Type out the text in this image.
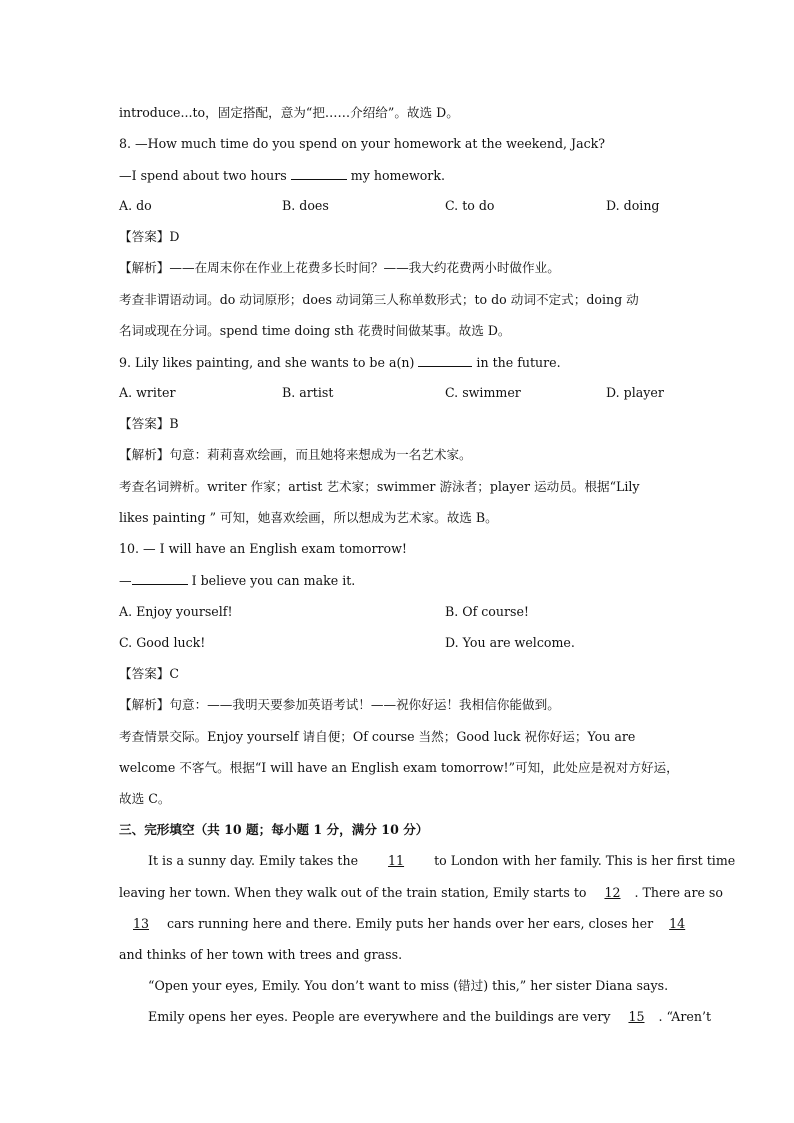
introduce...to，固定搭配，意为“把……介绍给”。故选 D。
8. —How much time do you spend on your homework at the weekend, Jack?
—I spend about two hours	my homework.
A. do	B. does	C. to do	D. doing
【答案】D
【解析】——在周末你在作业上花费多长时间？——我大约花费两小时做作业。
考查非谓语动词。do 动词原形；does 动词第三人称单数形式；to do 动词不定式；doing 动
名词或现在分词。spend time doing sth 花费时间做某事。故选 D。
9. Lily likes painting, and she wants to be a(n)	in the future.
A. writer	B. artist	C. swimmer	D. player
【答案】B
【解析】句意：莉莉喜欢绘画，而且她将来想成为一名艺术家。
考查名词辨析。writer 作家；artist 艺术家；swimmer 游泳者；player 运动员。根据“Lily
likes painting ” 可知，她喜欢绘画，所以想成为艺术家。故选 B。
10. — I will have an English exam tomorrow!
—	I believe you can make it.
A. Enjoy yourself!	B. Of course!
C. Good luck!	D. You are welcome.
【答案】C
【解析】句意：——我明天要参加英语考试！——祝你好运！我相信你能做到。
考查情景交际。Enjoy yourself 请自便；Of course 当然；Good luck 祝你好运；You are
welcome 不客气。根据“I will have an English exam tomorrow!”可知，此处应是祝对方好运，
故选 C。
三、完形填空（共 10 题；每小题 1 分，满分 10 分）
It is a sunny day. Emily takes the 11 to London with her family. This is her first time
leaving her town. When they walk out of the train station, Emily starts to 12 . There are so
13 cars running here and there. Emily puts her hands over her ears, closes her 14
and thinks of her town with trees and grass.
“Open your eyes, Emily. You don’t want to miss (错过) this,” her sister Diana says.
Emily opens her eyes. People are everywhere and the buildings are very 15 . “Aren’t
